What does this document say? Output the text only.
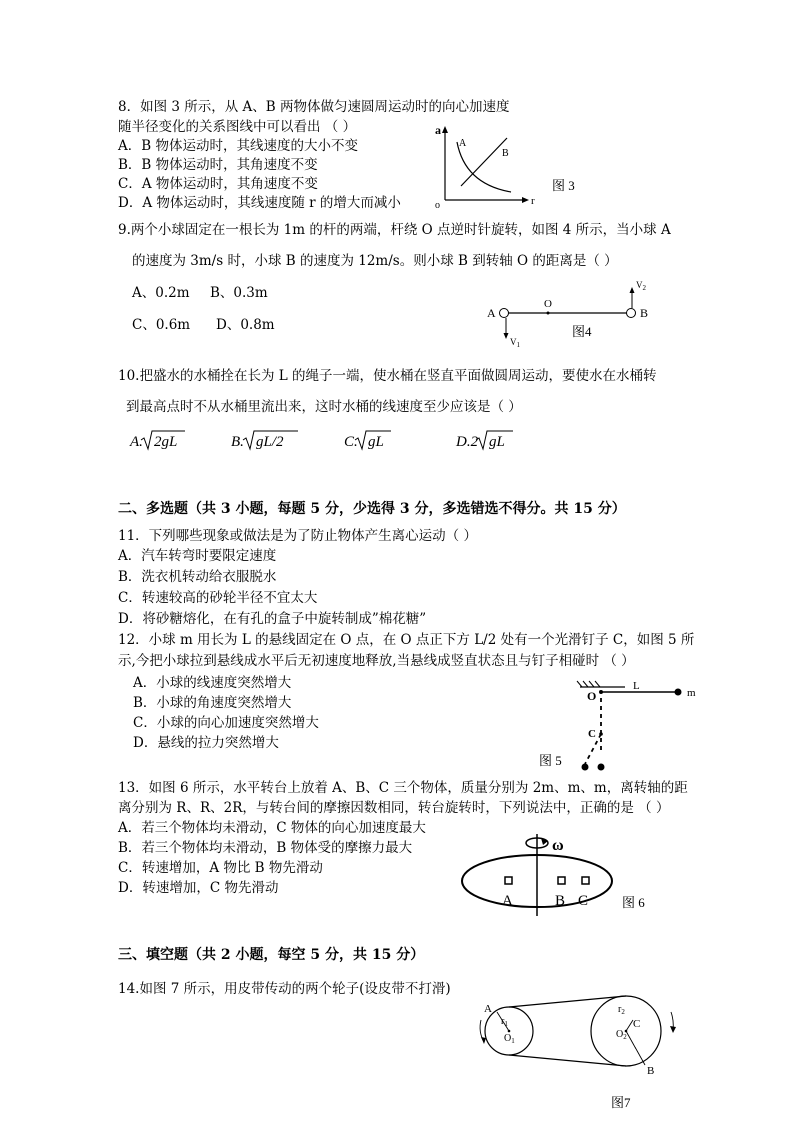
8．如图 3 所示，从 A、B 两物体做匀速圆周运动时的向心加速度
随半径变化的关系图线中可以看出 （ ）
A．B 物体运动时，其线速度的大小不变
B．B 物体运动时，其角速度不变
C．A 物体运动时，其角速度不变
D．A 物体运动时，其线速度随 r 的增大而减小
a
r
o
A
B
图 3
9.两个小球固定在一根长为 1m 的杆的两端，杆绕 O 点逆时针旋转，如图 4 所示，当小球 A
的速度为 3m/s 时，小球 B 的速度为 12m/s。则小球 B 到转轴 O 的距离是（ ）
A、0.2m B、0.3m
C、0.6m D、0.8m
A	B
O
$V_1$
$V_2$
图4
10.把盛水的水桶拴在长为 L 的绳子一端，使水桶在竖直平面做圆周运动，要使水在水桶转
到最高点时不从水桶里流出来，这时水桶的线速度至少应该是（ ）
A. 2gL	B. gL/2	C. gL	D.2 gL
二、多选题（共 3 小题，每题 5 分，少选得 3 分，多选错选不得分。共 15 分）
11．下列哪些现象或做法是为了防止物体产生离心运动（ ）
A．汽车转弯时要限定速度
B．洗衣机转动给衣服脱水
C．转速较高的砂轮半径不宜太大
D．将砂糖熔化，在有孔的盒子中旋转制成”棉花糖”
12．小球 m 用长为 L 的悬线固定在 O 点，在 O 点正下方 L/2 处有一个光滑钉子 C，如图 5 所
示,今把小球拉到悬线成水平后无初速度地释放,当悬线成竖直状态且与钉子相碰时 （ ）
A．小球的线速度突然增大
B．小球的角速度突然增大
C．小球的向心加速度突然增大
D．悬线的拉力突然增大
O
L
m
C
图 5
13．如图 6 所示，水平转台上放着 A、B、C 三个物体，质量分别为 2m、m、m，离转轴的距
离分别为 R、R、2R，与转台间的摩擦因数相同，转台旋转时，下列说法中，正确的是 （ ）
A．若三个物体均未滑动，C 物体的向心加速度最大
B．若三个物体均未滑动，B 物体受的摩擦力最大
C．转速增加，A 物比 B 物先滑动
D．转速增加，C 物先滑动
ω
A	B C	图 6
三、填空题（共 2 小题，每空 5 分，共 15 分）
14.如图 7 所示，用皮带传动的两个轮子(设皮带不打滑)
A
$r_1$
$O_1$
$r_2$
C
$O_2$
B
图7
